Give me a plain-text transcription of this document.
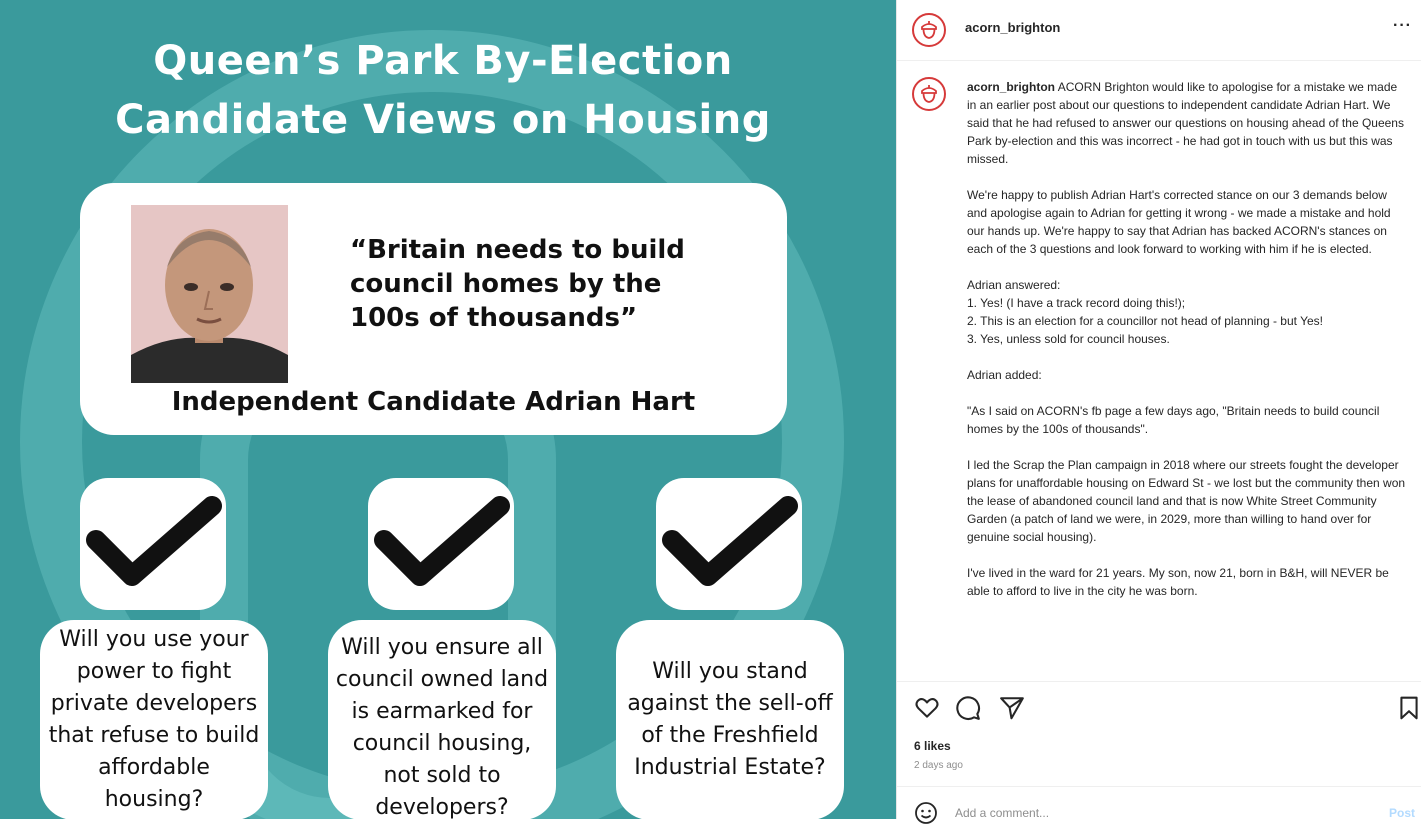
Queen’s Park By-Election
Candidate Views on Housing
“Britain needs to build
council homes by the
100s of thousands”
Independent Candidate Adrian Hart
Will you use your power to fight private developers that refuse to build affordable housing?
Will you ensure all council owned land is earmarked for council housing, not sold to developers?
Will you stand against the sell-off of the Freshfield Industrial Estate?
acorn_brighton	···

acorn_brighton ACORN Brighton would like to apologise for a mistake we made in an earlier post about our questions to independent candidate Adrian Hart. We said that he had refused to answer our questions on housing ahead of the Queens Park by-election and this was incorrect - he had got in touch with us but this was missed.

We're happy to publish Adrian Hart's corrected stance on our 3 demands below and apologise again to Adrian for getting it wrong - we made a mistake and hold our hands up. We're happy to say that Adrian has backed ACORN's stances on each of the 3 questions and look forward to working with him if he is elected.

Adrian answered:
1. Yes! (I have a track record doing this!);
2. This is an election for a councillor not head of planning - but Yes!
3. Yes, unless sold for council houses.

Adrian added:

"As I said on ACORN's fb page a few days ago, "Britain needs to build council homes by the 100s of thousands".

I led the Scrap the Plan campaign in 2018 where our streets fought the developer plans for unaffordable housing on Edward St - we lost but the community then won the lease of abandoned council land and that is now White Street Community Garden (a patch of land we were, in 2029, more than willing to hand over for genuine social housing).

I've lived in the ward for 21 years. My son, now 21, born in B&H, will NEVER be able to afford to live in the city he was born.

6 likes
2 days ago
Add a comment...
Post
